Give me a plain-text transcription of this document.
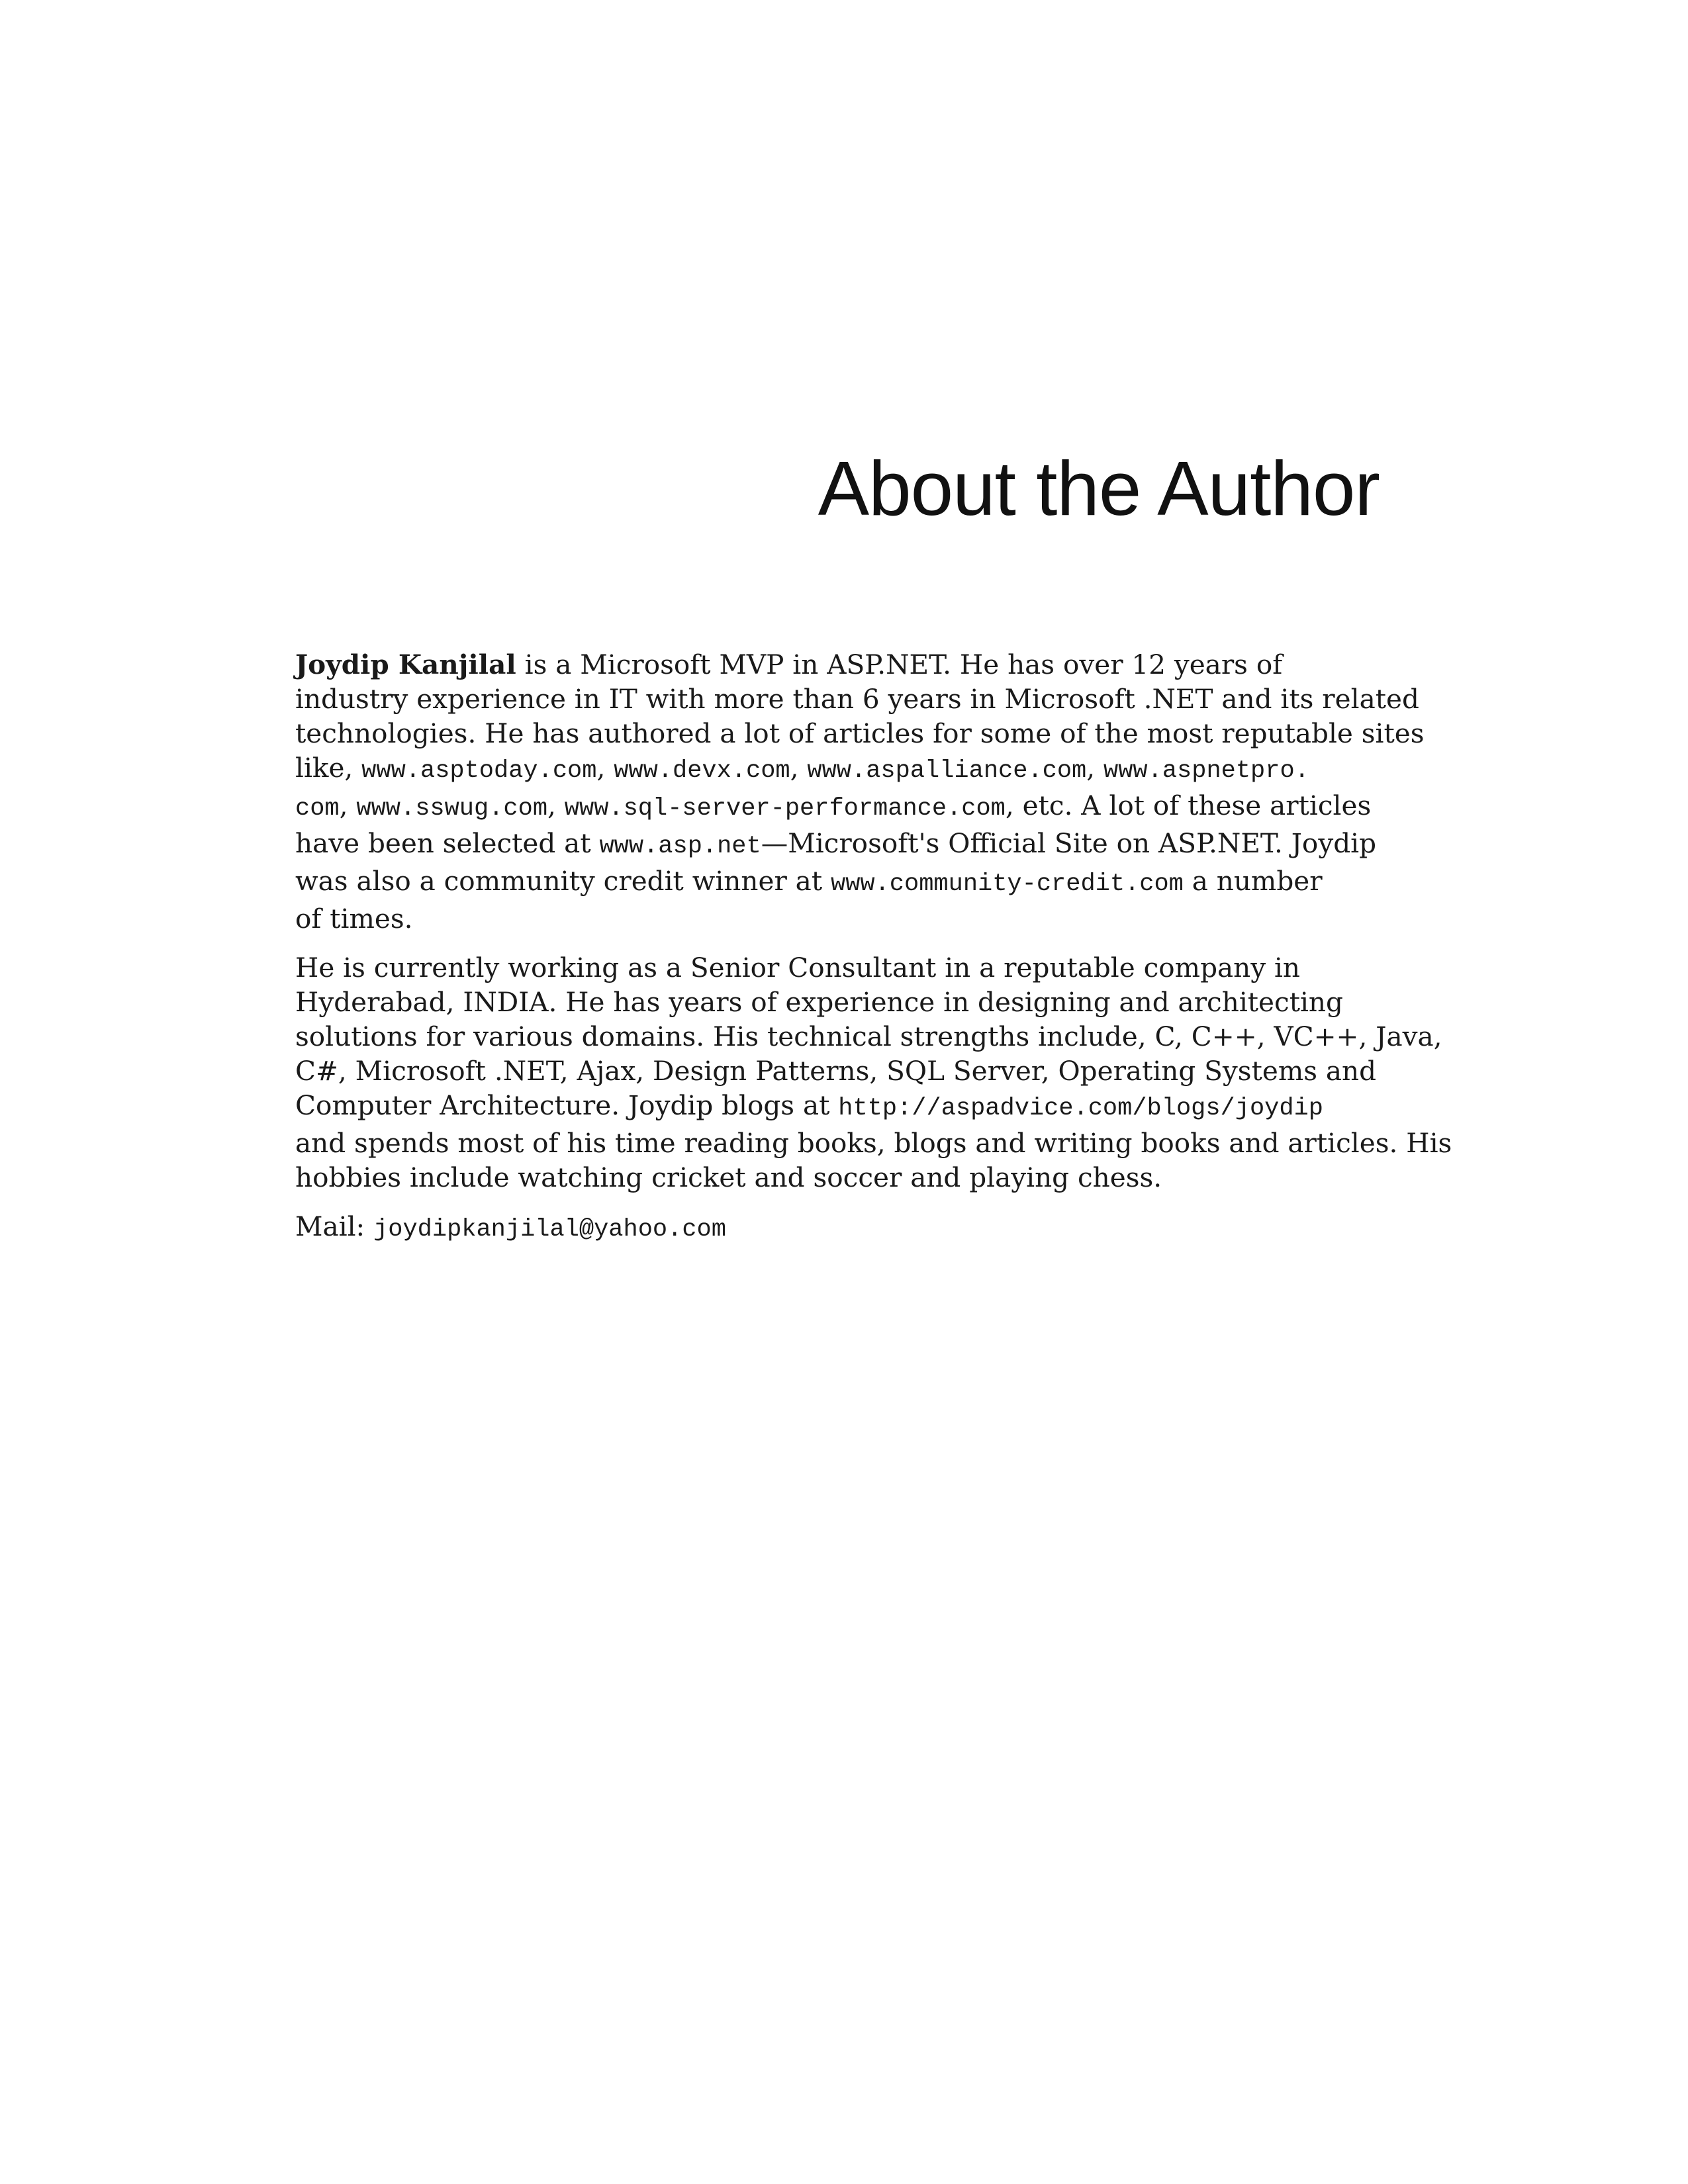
About the Author

Joydip Kanjilal is a Microsoft MVP in ASP.NET. He has over 12 years of
industry experience in IT with more than 6 years in Microsoft .NET and its related
technologies. He has authored a lot of articles for some of the most reputable sites
like, www.asptoday.com, www.devx.com, www.aspalliance.com, www.aspnetpro.
com, www.sswug.com, www.sql-server-performance.com, etc. A lot of these articles
have been selected at www.asp.net—Microsoft's Official Site on ASP.NET. Joydip
was also a community credit winner at www.community-credit.com a number
of times.

He is currently working as a Senior Consultant in a reputable company in
Hyderabad, INDIA. He has years of experience in designing and architecting
solutions for various domains. His technical strengths include, C, C++, VC++, Java,
C#, Microsoft .NET, Ajax, Design Patterns, SQL Server, Operating Systems and
Computer Architecture. Joydip blogs at http://aspadvice.com/blogs/joydip
and spends most of his time reading books, blogs and writing books and articles. His
hobbies include watching cricket and soccer and playing chess.

Mail: joydipkanjilal@yahoo.com
